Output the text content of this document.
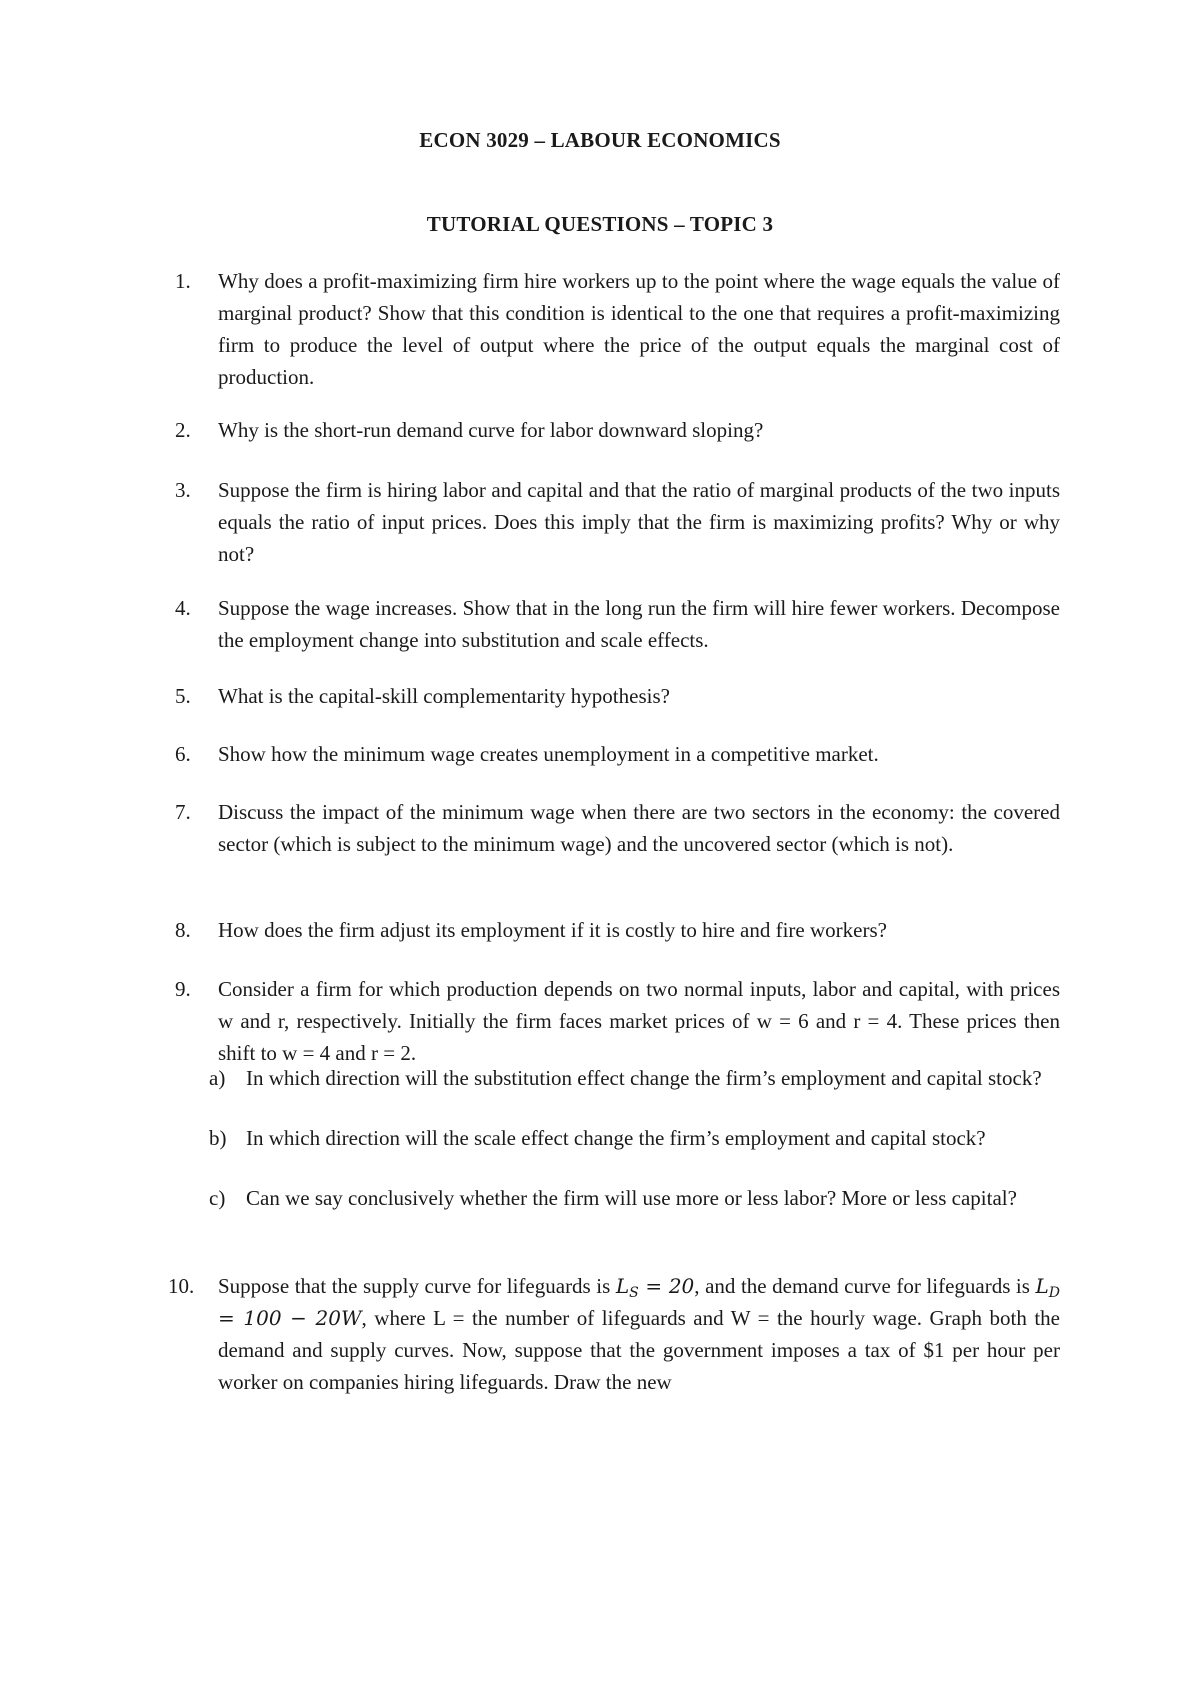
ECON 3029 – LABOUR ECONOMICS
TUTORIAL QUESTIONS – TOPIC 3
1.	Why does a profit-maximizing firm hire workers up to the point where the wage equals the value of marginal product? Show that this condition is identical to the one that requires a profit-maximizing firm to produce the level of output where the price of the output equals the marginal cost of production.
2.	Why is the short-run demand curve for labor downward sloping?
3.	Suppose the firm is hiring labor and capital and that the ratio of marginal products of the two inputs equals the ratio of input prices. Does this imply that the firm is maximizing profits? Why or why not?
4.	Suppose the wage increases. Show that in the long run the firm will hire fewer workers. Decompose the employment change into substitution and scale effects.
5.	What is the capital-skill complementarity hypothesis?
6.	Show how the minimum wage creates unemployment in a competitive market.
7.	Discuss the impact of the minimum wage when there are two sectors in the economy: the covered sector (which is subject to the minimum wage) and the uncovered sector (which is not).
8.	How does the firm adjust its employment if it is costly to hire and fire workers?
9.	Consider a firm for which production depends on two normal inputs, labor and capital, with prices w and r, respectively. Initially the firm faces market prices of w = 6 and r = 4. These prices then shift to w = 4 and r = 2.
a) In which direction will the substitution effect change the firm’s employment and capital stock?
b) In which direction will the scale effect change the firm’s employment and capital stock?
c) Can we say conclusively whether the firm will use more or less labor? More or less capital?
10.	Suppose that the supply curve for lifeguards is $L_S = 20$, and the demand curve for lifeguards is $L_D = 100 - 20W$, where L = the number of lifeguards and W = the hourly wage. Graph both the demand and supply curves. Now, suppose that the government imposes a tax of $1 per hour per worker on companies hiring lifeguards. Draw the new
